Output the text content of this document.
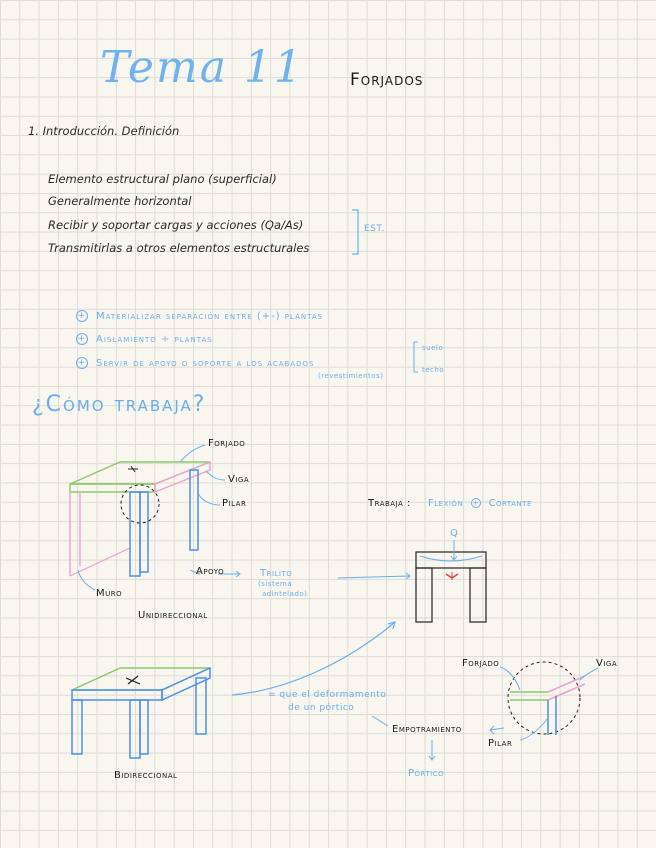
Tema 11	Forjados
1. Introducción. Definición
Elemento estructural plano (superficial)
Generalmente horizontal
Recibir y soportar cargas y acciones (Qa/As)
Transmitirlas a otros elementos estructurales
EST.
+ Materializar separación entre (+-) plantas
+ Aislamiento ÷ plantas
+ Servir de apoyo o soporte a los acabados
(revestimientos)
suelo
techo
¿Cómo trabaja?
Forjado
Viga
Pilar
Muro
Apoyo	Trilito
(sistema
adintelado)
Unidireccional
Bidireccional
Trabaja : Flexión + Cortante
Q
= que el deformamento
de un pórtico
Empotramiento
Pórtico
Forjado	Viga
Pilar
